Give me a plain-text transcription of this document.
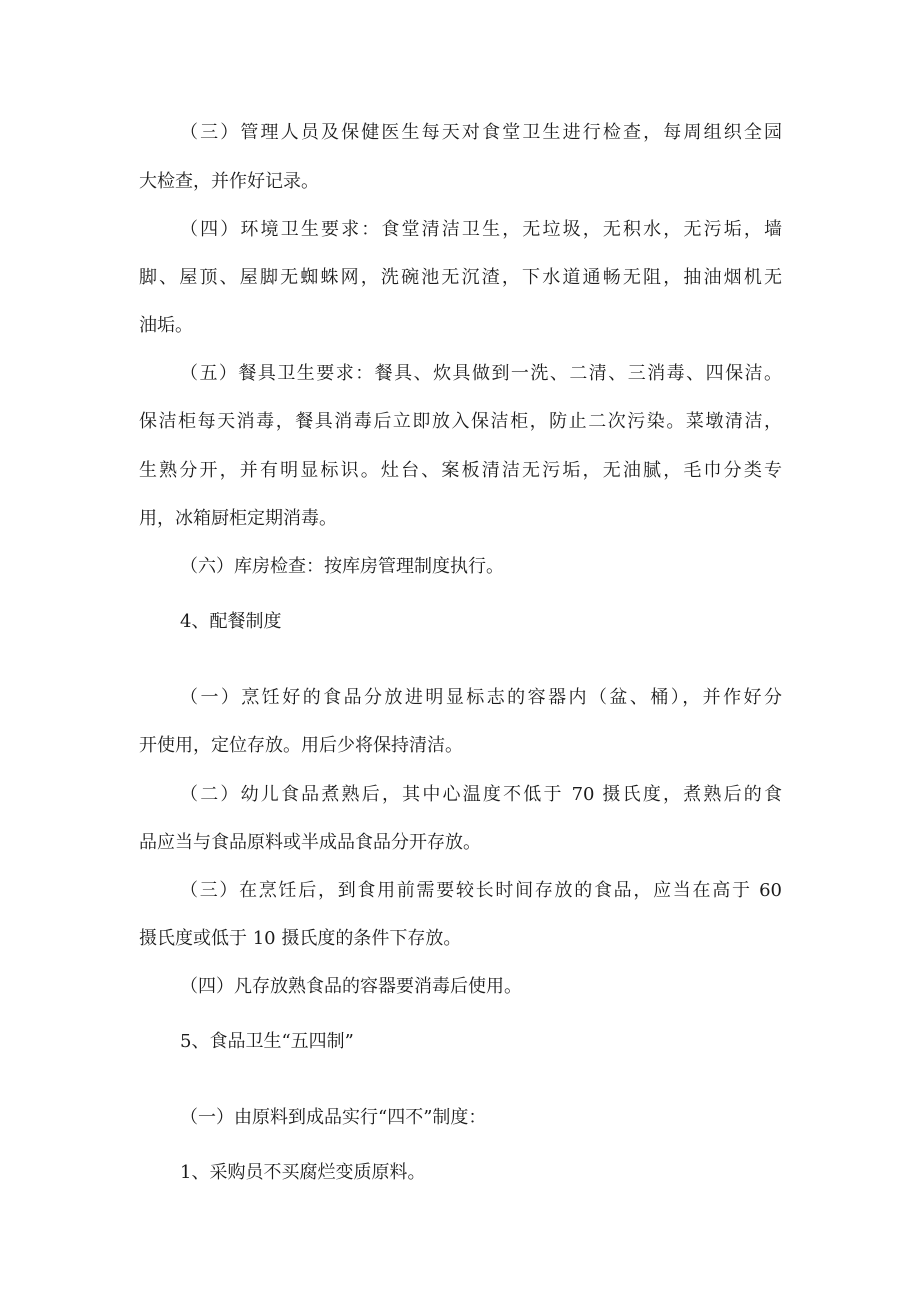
（三）管理人员及保健医生每天对食堂卫生进行检查，每周组织全园
大检查，并作好记录。
（四）环境卫生要求：食堂清洁卫生，无垃圾，无积水，无污垢，墙
脚、屋顶、屋脚无蜘蛛网，洗碗池无沉渣，下水道通畅无阻，抽油烟机无
油垢。
（五）餐具卫生要求：餐具、炊具做到一洗、二清、三消毒、四保洁。
保洁柜每天消毒，餐具消毒后立即放入保洁柜，防止二次污染。菜墩清洁，
生熟分开，并有明显标识。灶台、案板清洁无污垢，无油腻，毛巾分类专
用，冰箱厨柜定期消毒。
（六）库房检查：按库房管理制度执行。
4、配餐制度
（一）烹饪好的食品分放进明显标志的容器内（盆、桶），并作好分
开使用，定位存放。用后少将保持清洁。
（二）幼儿食品煮熟后，其中心温度不低于 70 摄氏度，煮熟后的食
品应当与食品原料或半成品食品分开存放。
（三）在烹饪后，到食用前需要较长时间存放的食品，应当在高于 60
摄氏度或低于 10 摄氏度的条件下存放。
（四）凡存放熟食品的容器要消毒后使用。
5、食品卫生“五四制”
（一）由原料到成品实行“四不”制度：
1、采购员不买腐烂变质原料。
